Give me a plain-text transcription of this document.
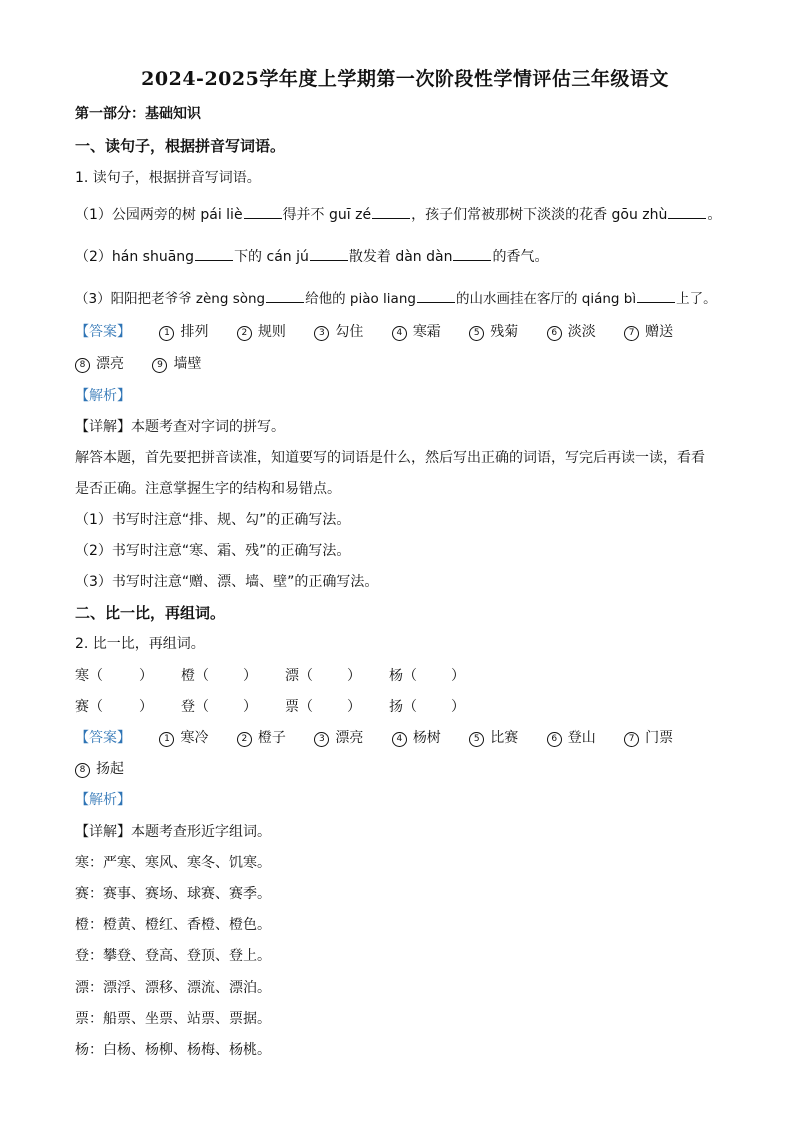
2024-2025学年度上学期第一次阶段性学情评估三年级语文
第一部分：基础知识
一、读句子，根据拼音写词语。
1. 读句子，根据拼音写词语。
（1）公园两旁的树 pái liè	得并不 guī zé	，孩子们常被那树下淡淡的花香 gōu zhù	。
（2）hán shuāng	下的 cán jú	散发着 dàn dàn	的香气。
（3）阳阳把老爷爷 zèng sòng	给他的 piào liang	的山水画挂在客厅的 qiáng bì	上了。
【答案】	1 排列	2 规则	3 勾住	4 寒霜	5 残菊	6 淡淡	7 赠送
8 漂亮	9 墙壁
【解析】
【详解】本题考查对字词的拼写。
解答本题，首先要把拼音读准，知道要写的词语是什么，然后写出正确的词语，写完后再读一读，看看
是否正确。注意掌握生字的结构和易错点。
（1）书写时注意“排、规、勾”的正确写法。
（2）书写时注意“寒、霜、残”的正确写法。
（3）书写时注意“赠、漂、墙、壁”的正确写法。
二、比一比，再组词。
2. 比一比，再组词。
寒（	） 橙（ ） 漂（ ） 杨（ ）
赛（	） 登（ ） 票（ ） 扬（ ）
【答案】	1 寒冷	2 橙子	3 漂亮	4 杨树	5 比赛	6 登山	7 门票
8 扬起
【解析】
【详解】本题考查形近字组词。
寒：严寒、寒风、寒冬、饥寒。
赛：赛事、赛场、球赛、赛季。
橙：橙黄、橙红、香橙、橙色。
登：攀登、登高、登顶、登上。
漂：漂浮、漂移、漂流、漂泊。
票：船票、坐票、站票、票据。
杨：白杨、杨柳、杨梅、杨桃。
